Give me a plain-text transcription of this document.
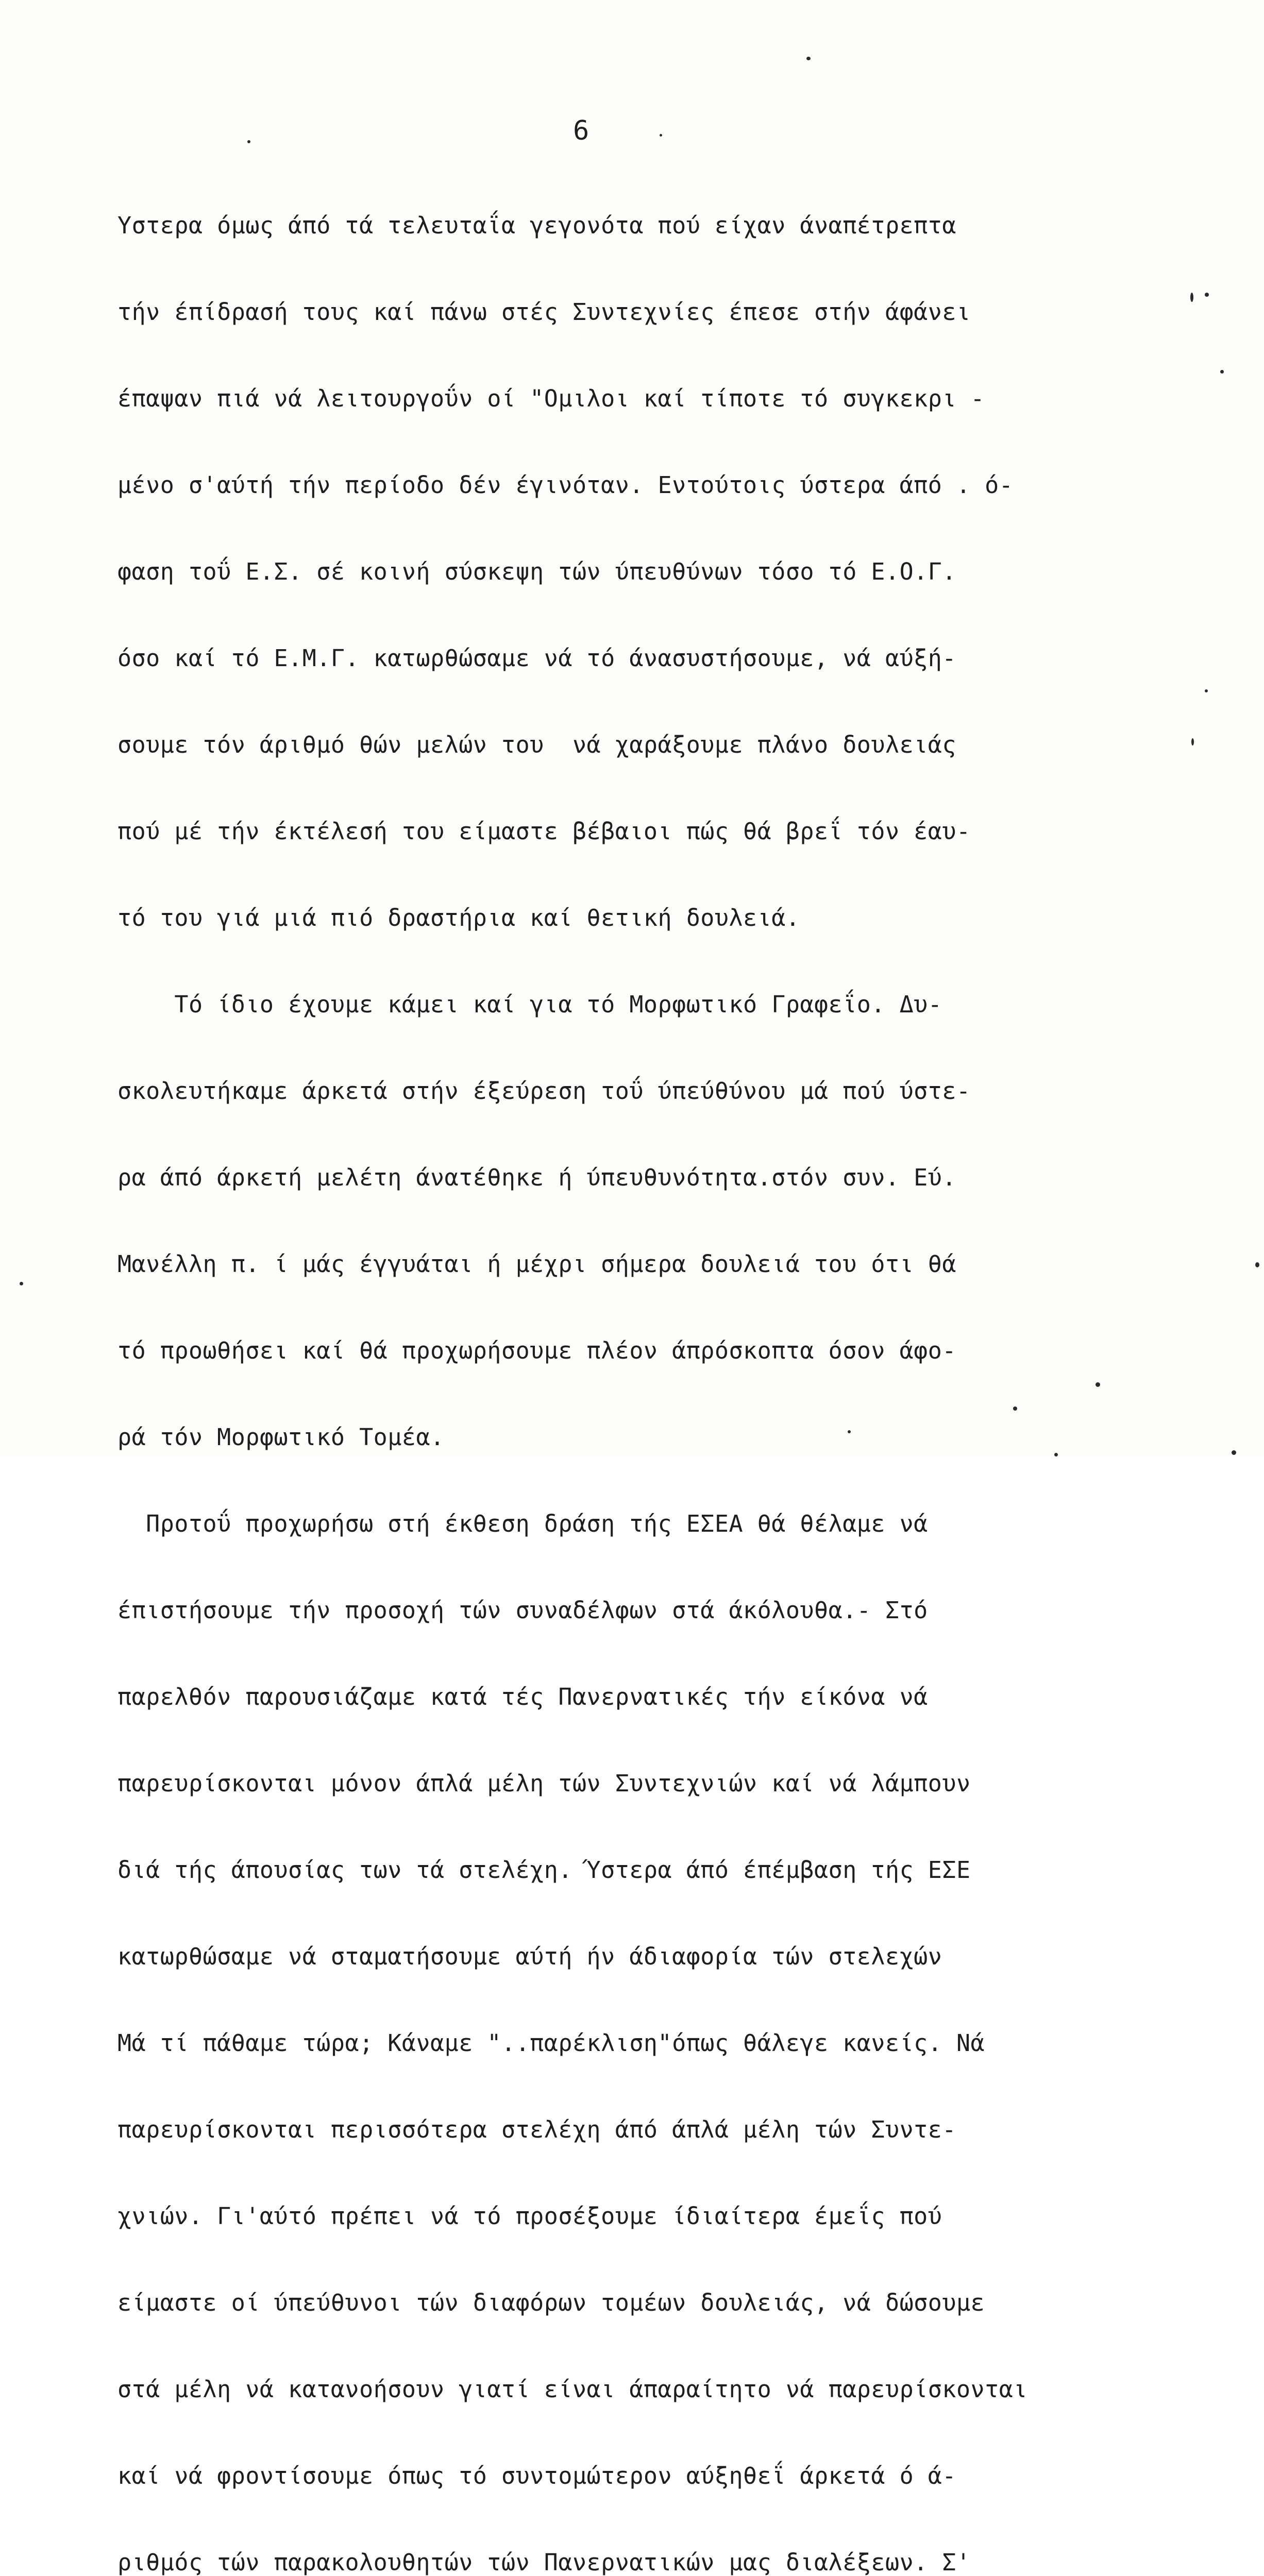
6

Υστερα όμως άπό τά τελευταΐα γεγονότα πού είχαν άναπέτρεπτα

τήν έπίδρασή τους καί πάνω στές Συντεχνίες έπεσε στήν άφάνει

έπαψαν πιά νά λειτουργοΰν οί "Ομιλοι καί τίποτε τό συγκεκρι -

μένο σ'αύτή τήν περίοδο δέν έγινόταν. Εντούτοις ύστερα άπό . ό-

φαση τοΰ Ε.Σ. σέ κοινή σύσκεψη τών ύπευθύνων τόσο τό Ε.Ο.Γ.

όσο καί τό Ε.Μ.Γ. κατωρθώσαμε νά τό άνασυστήσουμε, νά αύξή-

σουμε τόν άριθμό θών μελών του  νά χαράξουμε πλάνο δουλειάς

πού μέ τήν έκτέλεσή του είμαστε βέβαιοι πώς θά βρεΐ τόν έαυ-

τό του γιά μιά πιό δραστήρια καί θετική δουλειά.

Τό ίδιο έχουμε κάμει καί για τό Μορφωτικό Γραφεΐο. Δυ-

σκολευτήκαμε άρκετά στήν έξεύρεση τοΰ ύπεύθύνου μά πού ύστε-

ρα άπό άρκετή μελέτη άνατέθηκε ή ύπευθυνότητα.στόν συν. Εύ.

Μανέλλη π. ί μάς έγγυάται ή μέχρι σήμερα δουλειά του ότι θά

τό προωθήσει καί θά προχωρήσουμε πλέον άπρόσκοπτα όσον άφο-

ρά τόν Μορφωτικό Τομέα.

Προτοΰ προχωρήσω στή έκθεση δράση τής ΕΣΕΑ θά θέλαμε νά

έπιστήσουμε τήν προσοχή τών συναδέλφων στά άκόλουθα.- Στό

παρελθόν παρουσιάζαμε κατά τές Πανερνατικές τήν είκόνα νά

παρευρίσκονται μόνον άπλά μέλη τών Συντεχνιών καί νά λάμπουν

διά τής άπουσίας των τά στελέχη. Ύστερα άπό έπέμβαση τής ΕΣΕ

κατωρθώσαμε νά σταματήσουμε αύτή ήν άδιαφορία τών στελεχών

Μά τί πάθαμε τώρα; Κάναμε "..παρέκλιση"όπως θάλεγε κανείς. Νά

παρευρίσκονται περισσότερα στελέχη άπό άπλά μέλη τών Συντε-

χνιών. Γι'αύτό πρέπει νά τό προσέξουμε ίδιαίτερα έμεΐς πού

είμαστε οί ύπεύθυνοι τών διαφόρων τομέων δουλειάς, νά δώσουμε

στά μέλη νά κατανοήσουν γιατί είναι άπαραίτητο νά παρευρίσκονται

καί νά φροντίσουμε όπως τό συντομώτερον αύξηθεΐ άρκετά ό ά-

ριθμός τών παρακολουθητών τών Πανερνατικών μας διαλέξεων. Σ'
